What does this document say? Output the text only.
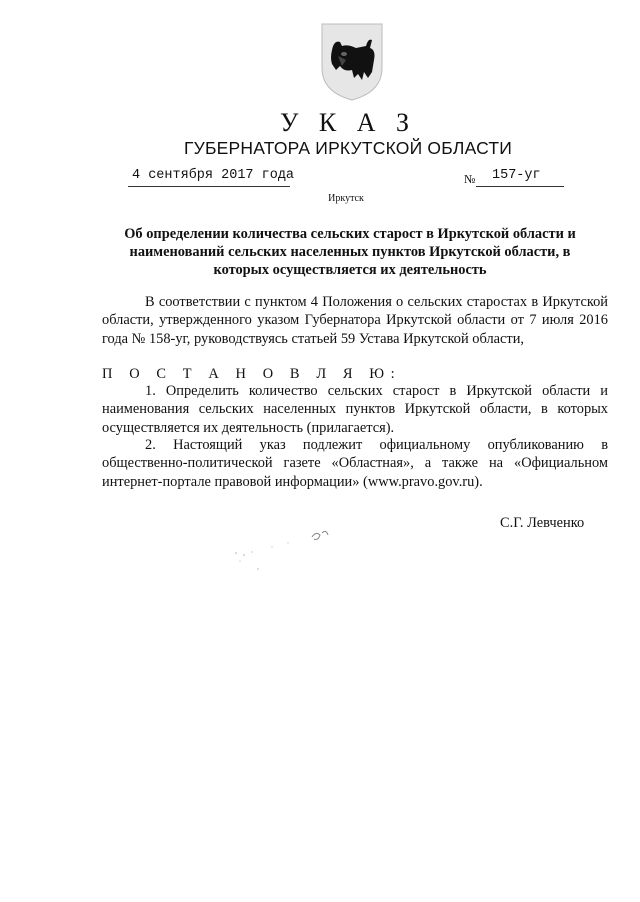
У К А З
ГУБЕРНАТОРА ИРКУТСКОЙ ОБЛАСТИ
4 сентября 2017 года	№ 157-уг
Иркутск
Об определении количества сельских старост в Иркутской области и наименований сельских населенных пунктов Иркутской области, в которых осуществляется их деятельность

В соответствии с пунктом 4 Положения о сельских старостах в Иркутской области, утвержденного указом Губернатора Иркутской области от 7 июля 2016 года № 158-уг, руководствуясь статьей 59 Устава Иркутской области,

П О С Т А Н О В Л Я Ю:

1. Определить количество сельских старост в Иркутской области и наименования сельских населенных пунктов Иркутской области, в которых осуществляется их деятельность (прилагается).

2. Настоящий указ подлежит официальному опубликованию в общественно-политической газете «Областная», а также на «Официальном интернет-портале правовой информации» (www.pravo.gov.ru).

С.Г. Левченко
